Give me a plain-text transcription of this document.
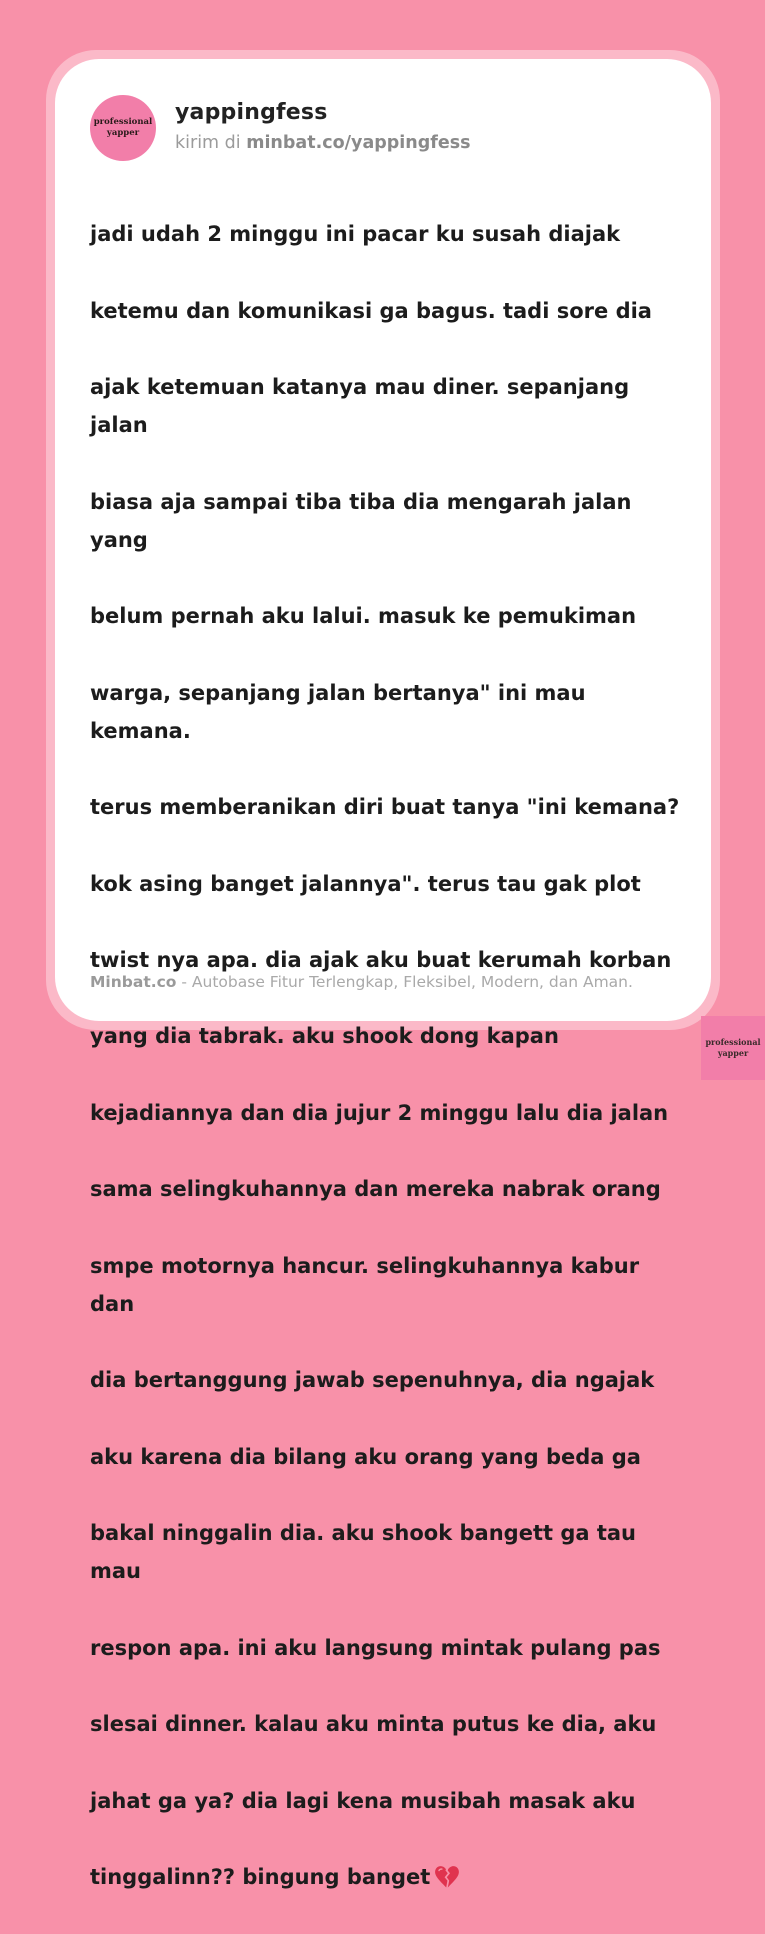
professional
yapper
yappingfess
kirim di minbat.co/yappingfess

jadi udah 2 minggu ini pacar ku susah diajak

ketemu dan komunikasi ga bagus. tadi sore dia

ajak ketemuan katanya mau diner. sepanjang jalan

biasa aja sampai tiba tiba dia mengarah jalan yang

belum pernah aku lalui. masuk ke pemukiman

warga, sepanjang jalan bertanya" ini mau kemana.

terus memberanikan diri buat tanya "ini kemana?

kok asing banget jalannya". terus tau gak plot

twist nya apa. dia ajak aku buat kerumah korban

yang dia tabrak. aku shook dong kapan

kejadiannya dan dia jujur 2 minggu lalu dia jalan

sama selingkuhannya dan mereka nabrak orang

smpe motornya hancur. selingkuhannya kabur dan

dia bertanggung jawab sepenuhnya, dia ngajak

aku karena dia bilang aku orang yang beda ga

bakal ninggalin dia. aku shook bangett ga tau mau

respon apa. ini aku langsung mintak pulang pas

slesai dinner. kalau aku minta putus ke dia, aku

jahat ga ya? dia lagi kena musibah masak aku

tinggalinn?? bingung banget

Minbat.co - Autobase Fitur Terlengkap, Fleksibel, Modern, dan Aman.
professional
yapper
